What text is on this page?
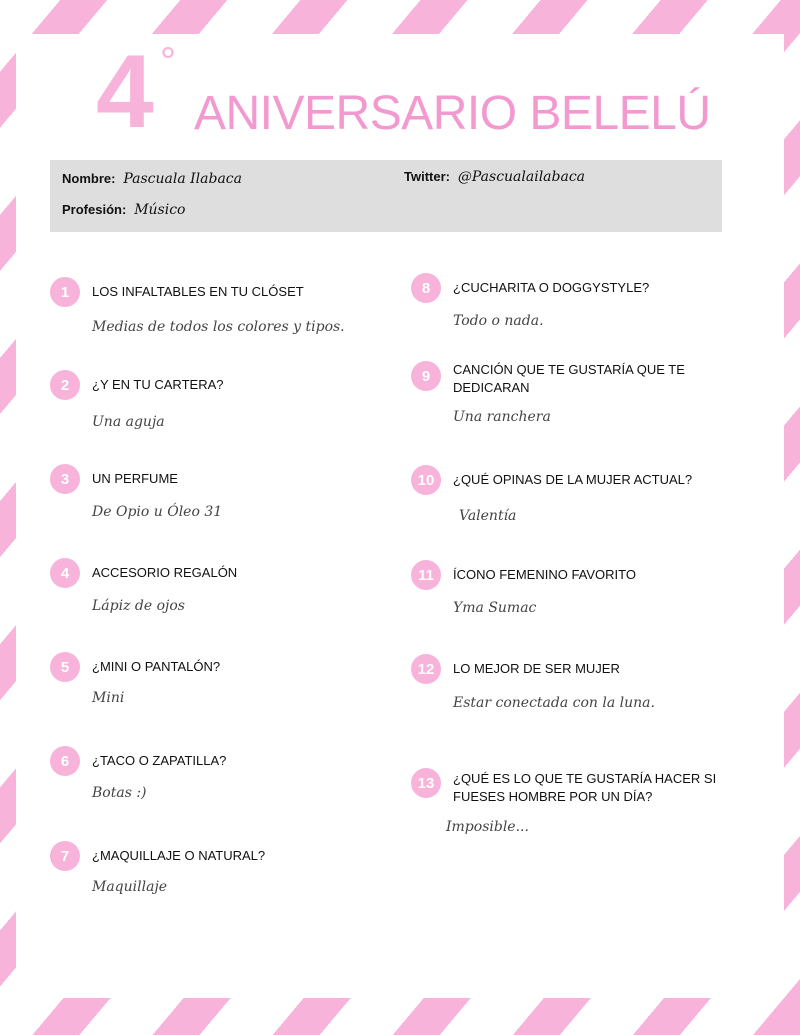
4 °
ANIVERSARIO BELELÚ
Nombre: Pascuala Ilabaca
Profesión: Músico
Twitter: @Pascualailabaca
1	LOS INFALTABLES EN TU CLÓSET
Medias de todos los colores y tipos.
2	¿Y EN TU CARTERA?
Una aguja
3	UN PERFUME
De Opio u Óleo 31
4	ACCESORIO REGALÓN
Lápiz de ojos
5	¿MINI O PANTALÓN?
Mini
6	¿TACO O ZAPATILLA?
Botas :)
7	¿MAQUILLAJE O NATURAL?
Maquillaje
8	¿CUCHARITA O DOGGYSTYLE?
Todo o nada.
9	CANCIÓN QUE TE GUSTARÍA QUE TE DEDICARAN
Una ranchera
10	¿QUÉ OPINAS DE LA MUJER ACTUAL?
Valentía
11	ÍCONO FEMENINO FAVORITO
Yma Sumac
12	LO MEJOR DE SER MUJER
Estar conectada con la luna.
13	¿QUÉ ES LO QUE TE GUSTARÍA HACER SI FUESES HOMBRE POR UN DÍA?
Imposible...
